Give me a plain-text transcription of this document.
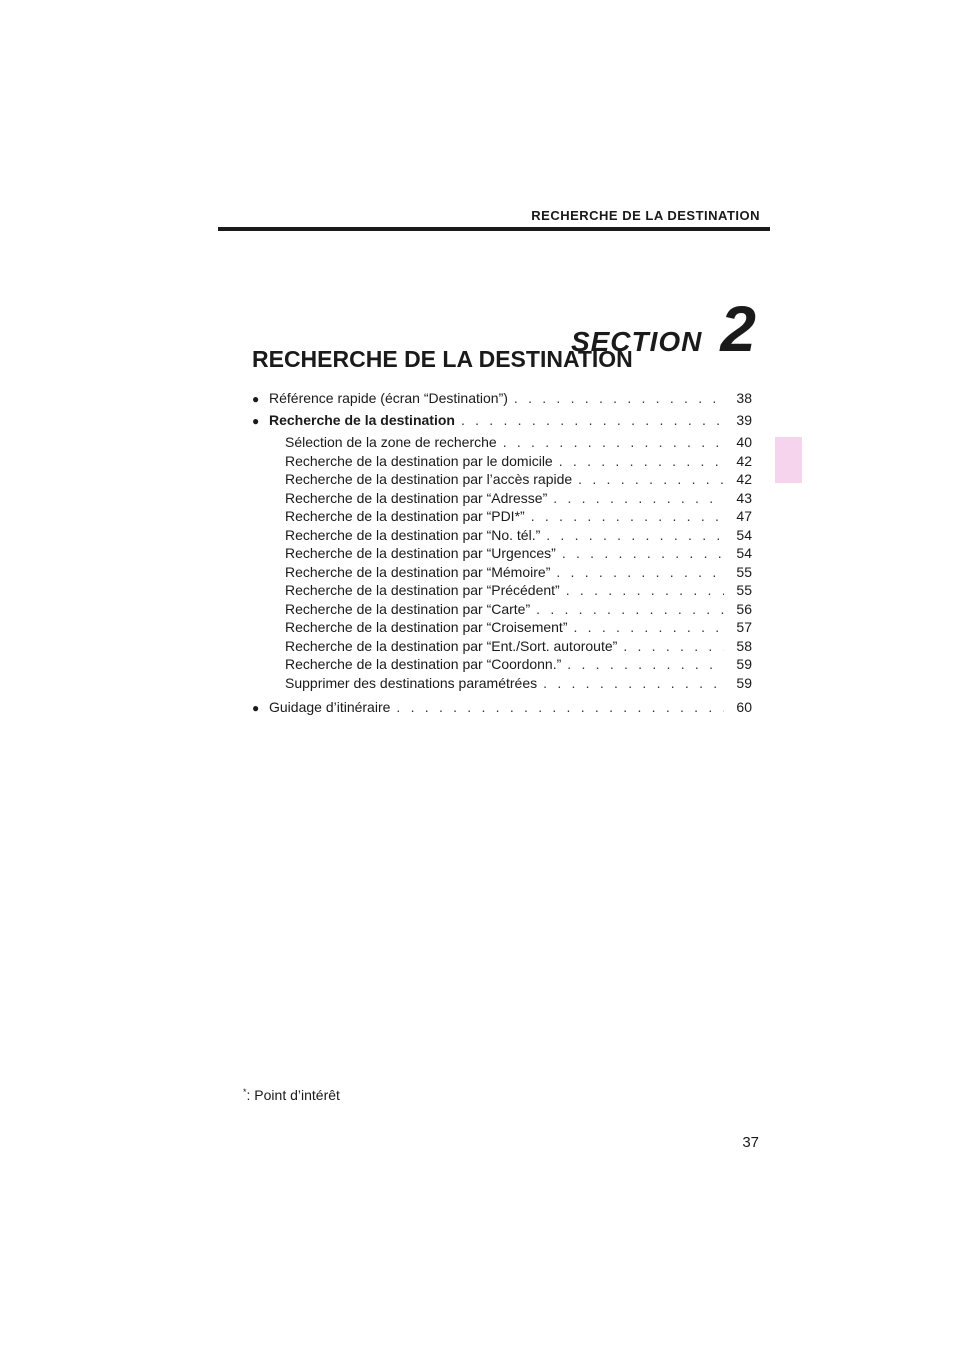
RECHERCHE DE LA DESTINATION
SECTION 2
RECHERCHE DE LA DESTINATION
● Référence rapide (écran “Destination”) . . .	38
● Recherche de la destination . . .	39
Sélection de la zone de recherche . . .	40
Recherche de la destination par le domicile . . .	42
Recherche de la destination par l’accès rapide . . .	42
Recherche de la destination par “Adresse” . . .	43
Recherche de la destination par “PDI*” . . .	47
Recherche de la destination par “No. tél.” . . .	54
Recherche de la destination par “Urgences” . . .	54
Recherche de la destination par “Mémoire” . . .	55
Recherche de la destination par “Précédent” . . .	55
Recherche de la destination par “Carte” . . .	56
Recherche de la destination par “Croisement” . . .	57
Recherche de la destination par “Ent./Sort. autoroute” . . .	58
Recherche de la destination par “Coordonn.” . . .	59
Supprimer des destinations paramétrées . . .	59
● Guidage d’itinéraire . . .	60
*: Point d’intérêt
37
